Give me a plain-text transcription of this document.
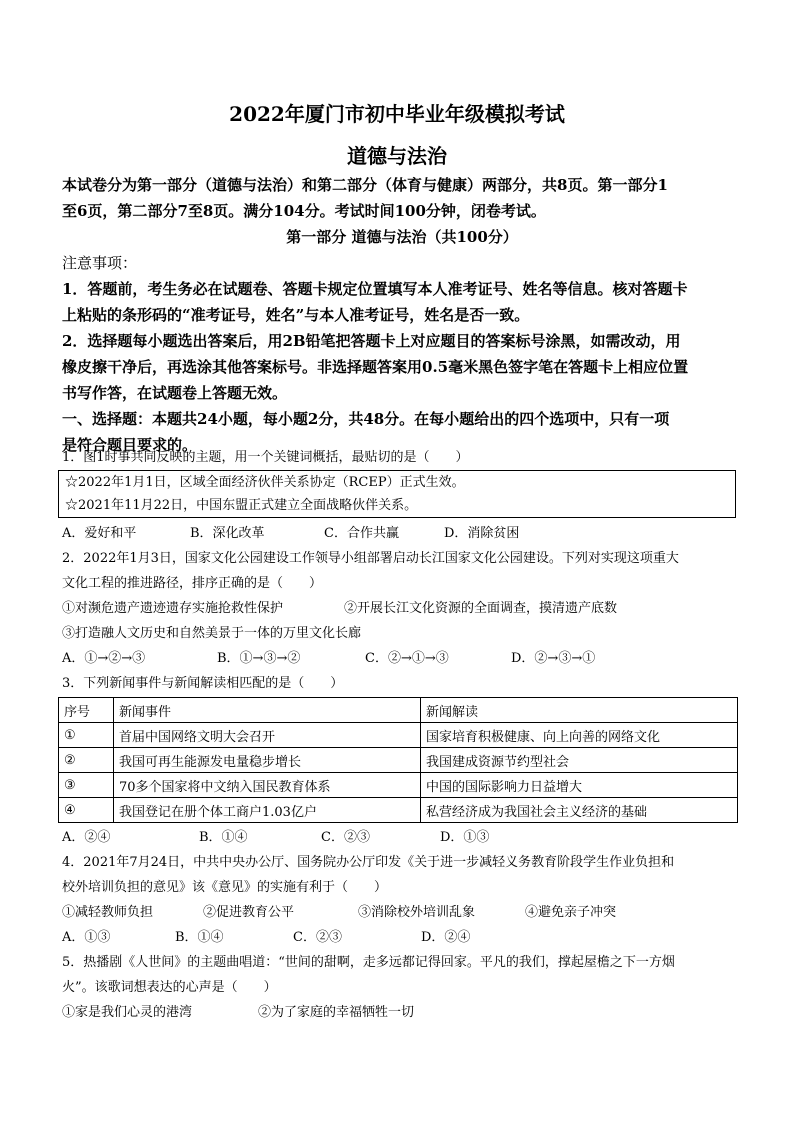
2022年厦门市初中毕业年级模拟考试
道德与法治
本试卷分为第一部分（道德与法治）和第二部分（体育与健康）两部分，共8页。第一部分1
至6页，第二部分7至8页。满分104分。考试时间100分钟，闭卷考试。
第一部分 道德与法治（共100分）
注意事项：
1．答题前，考生务必在试题卷、答题卡规定位置填写本人准考证号、姓名等信息。核对答题卡
上粘贴的条形码的“准考证号，姓名”与本人准考证号，姓名是否一致。
2．选择题每小题选出答案后，用2B铅笔把答题卡上对应题目的答案标号涂黑，如需改动，用
橡皮擦干净后，再选涂其他答案标号。非选择题答案用0.5毫米黑色签字笔在答题卡上相应位置
书写作答，在试题卷上答题无效。
一、选择题：本题共24小题，每小题2分，共48分。在每小题给出的四个选项中，只有一项
是符合题目要求的。
1．图1时事共同反映的主题，用一个关键词概括，最贴切的是（　　）
☆2022年1月1日，区域全面经济伙伴关系协定（RCEP）正式生效。
☆2021年11月22日，中国东盟正式建立全面战略伙伴关系。
A．爱好和平	B．深化改革	C．合作共赢	D．消除贫困
2．2022年1月3日，国家文化公园建设工作领导小组部署启动长江国家文化公园建设。下列对实现这项重大
文化工程的推进路径，排序正确的是（　　）
①对濒危遗产遗迹遗存实施抢救性保护	②开展长江文化资源的全面调查，摸清遗产底数
③打造融人文历史和自然美景于一体的万里文化长廊
A．①→②→③	B．①→③→②	C．②→①→③	D．②→③→①
3．下列新闻事件与新闻解读相匹配的是（　　）
序号	新闻事件	新闻解读
①	首届中国网络文明大会召开	国家培育积极健康、向上向善的网络文化
②	我国可再生能源发电量稳步增长	我国建成资源节约型社会
③	70多个国家将中文纳入国民教育体系	中国的国际影响力日益增大
④	我国登记在册个体工商户1.03亿户	私营经济成为我国社会主义经济的基础
A．②④	B．①④	C．②③	D．①③
4．2021年7月24日，中共中央办公厅、国务院办公厅印发《关于进一步减轻义务教育阶段学生作业负担和
校外培训负担的意见》该《意见》的实施有利于（　　）
①减轻教师负担	②促进教育公平	③消除校外培训乱象	④避免亲子冲突
A．①③	B．①④	C．②③	D．②④
5．热播剧《人世间》的主题曲唱道：“世间的甜啊，走多远都记得回家。平凡的我们，撑起屋檐之下一方烟
火”。该歌词想表达的心声是（　　）
①家是我们心灵的港湾	②为了家庭的幸福牺牲一切
